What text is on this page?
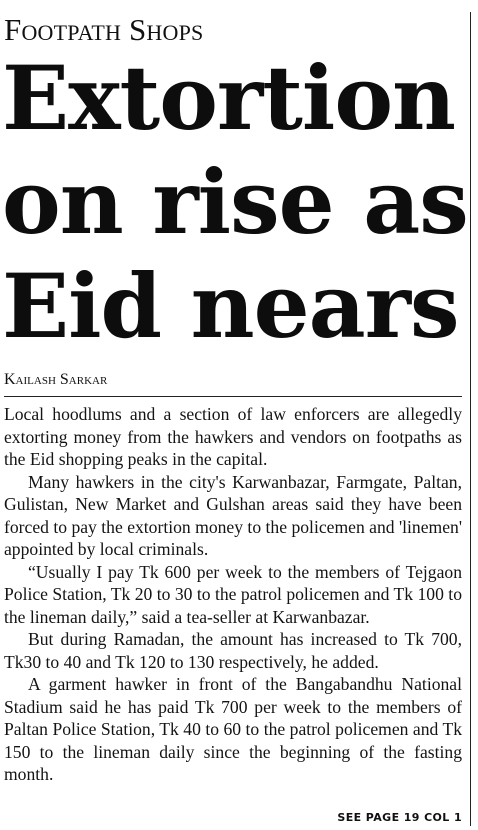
Footpath Shops
Extortion
on rise as
Eid nears
Kailash Sarkar

Local hoodlums and a section of law enforcers are allegedly extorting money from the hawkers and vendors on footpaths as the Eid shopping peaks in the capital.

Many hawkers in the city's Karwanbazar, Farmgate, Paltan, Gulistan, New Market and Gulshan areas said they have been forced to pay the extortion money to the policemen and 'linemen' appointed by local criminals.

“Usually I pay Tk 600 per week to the members of Tejgaon Police Station, Tk 20 to 30 to the patrol policemen and Tk 100 to the lineman daily,” said a tea-seller at Karwanbazar.

But during Ramadan, the amount has increased to Tk 700, Tk30 to 40 and Tk 120 to 130 respectively, he added.

A garment hawker in front of the Bangabandhu National Stadium said he has paid Tk 700 per week to the members of Paltan Police Station, Tk 40 to 60 to the patrol policemen and Tk 150 to the lineman daily since the beginning of the fasting month.

SEE PAGE 19 COL 1
